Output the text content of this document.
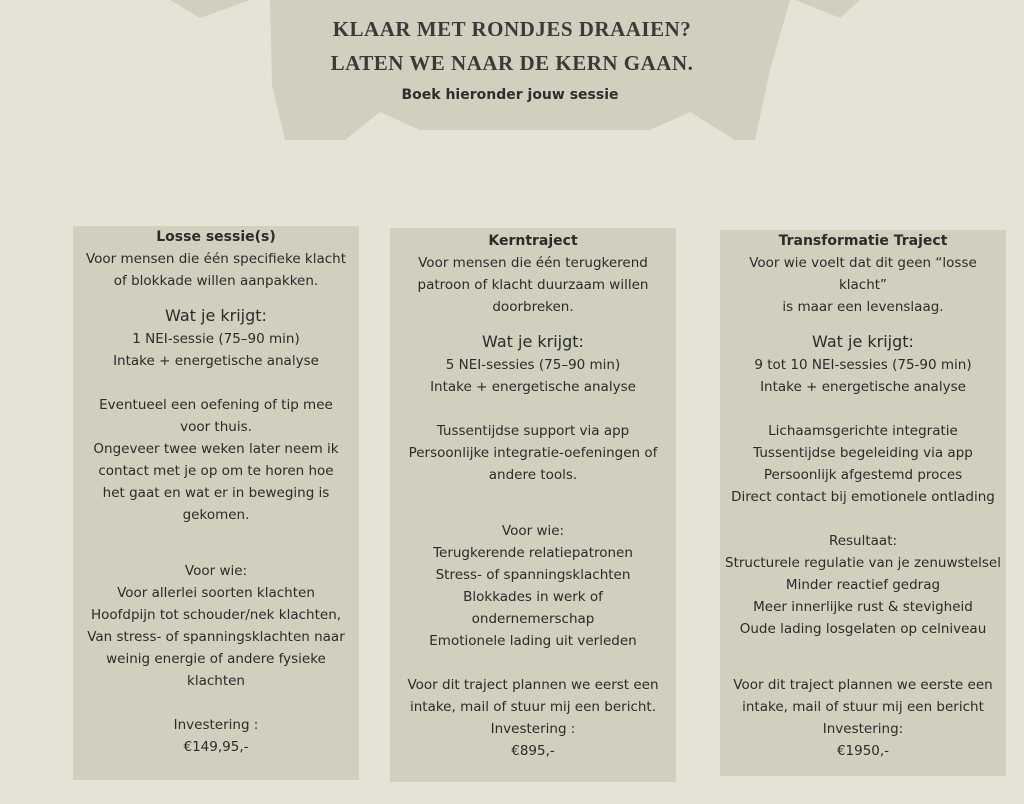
KLAAR MET RONDJES DRAAIEN?
LATEN WE NAAR DE KERN GAAN.
Boek hieronder jouw sessie
Losse sessie(s)
Voor mensen die één specifieke klacht
of blokkade willen aanpakken.
Wat je krijgt:
1 NEI-sessie (75–90 min)
Intake + energetische analyse
Eventueel een oefening of tip mee
voor thuis.
Ongeveer twee weken later neem ik
contact met je op om te horen hoe
het gaat en wat er in beweging is
gekomen.
Voor wie:
Voor allerlei soorten klachten
Hoofdpijn tot schouder/nek klachten,
Van stress- of spanningsklachten naar
weinig energie of andere fysieke
klachten
Investering :
€149,95,-
Kerntraject
Voor mensen die één terugkerend
patroon of klacht duurzaam willen
doorbreken.
Wat je krijgt:
5 NEI-sessies (75–90 min)
Intake + energetische analyse
Tussentijdse support via app
Persoonlijke integratie-oefeningen of
andere tools.
Voor wie:
Terugkerende relatiepatronen
Stress- of spanningsklachten
Blokkades in werk of
ondernemerschap
Emotionele lading uit verleden
Voor dit traject plannen we eerst een
intake, mail of stuur mij een bericht.
Investering :
€895,-
Transformatie Traject
Voor wie voelt dat dit geen “losse klacht”
is maar een levenslaag.
Wat je krijgt:
9 tot 10 NEI-sessies (75-90 min)
Intake + energetische analyse
Lichaamsgerichte integratie
Tussentijdse begeleiding via app
Persoonlijk afgestemd proces
Direct contact bij emotionele ontlading
Resultaat:
Structurele regulatie van je zenuwstelsel
Minder reactief gedrag
Meer innerlijke rust & stevigheid
Oude lading losgelaten op celniveau
Voor dit traject plannen we eerste een
intake, mail of stuur mij een bericht
Investering:
€1950,-
